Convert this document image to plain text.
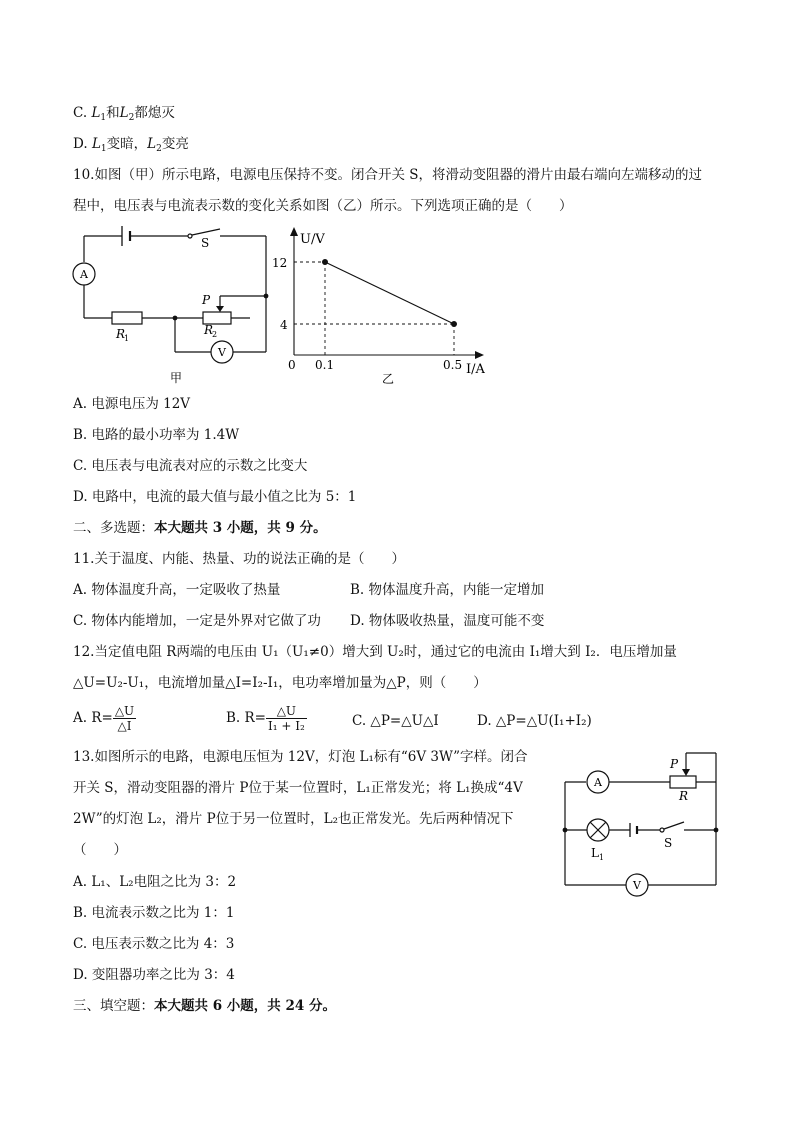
C. $L_1$和$L_2$都熄灭
D. $L_1$变暗，$L_2$变亮
10.如图（甲）所示电路，电源电压保持不变。闭合开关 S，将滑动变阻器的滑片由最右端向左端移动的过
程中，电压表与电流表示数的变化关系如图（乙）所示。下列选项正确的是（　　）
S
A
V
P
R
1
R
2
甲
U/V
I/A
12
4
0 0.1	0.5
乙
A. 电源电压为 12V
B. 电路的最小功率为 1.4W
C. 电压表与电流表对应的示数之比变大
D. 电路中，电流的最大值与最小值之比为 5：1
二、多选题：本大题共 3 小题，共 9 分。
11.关于温度、内能、热量、功的说法正确的是（　　）
A. 物体温度升高，一定吸收了热量	B. 物体温度升高，内能一定增加
C. 物体内能增加，一定是外界对它做了功 D. 物体吸收热量，温度可能不变
12.当定值电阻 R两端的电压由 U₁（U₁≠0）增大到 U₂时，通过它的电流由 I₁增大到 I₂．电压增加量
△U=U₂-U₁，电流增加量△I=I₂-I₁，电功率增加量为△P，则（　　）
A. $R= \frac{\triangle U}{\triangle I}$	B. $R= \frac{\triangle U}{\text{I₁ + I₂}}$	C. △P=△U△I	D. △P=△U(I₁+I₂)
13.如图所示的电路，电源电压恒为 12V，灯泡 L₁标有“6V 3W”字样。闭合
开关 S，滑动变阻器的滑片 P位于某一位置时，L₁正常发光；将 L₁换成“4V
2W”的灯泡 L₂，滑片 P位于另一位置时，L₂也正常发光。先后两种情况下
（　　）
A
V
P
R
L 1
S
A. L₁、L₂电阻之比为 3：2
B. 电流表示数之比为 1：1
C. 电压表示数之比为 4：3
D. 变阻器功率之比为 3：4
三、填空题：本大题共 6 小题，共 24 分。
